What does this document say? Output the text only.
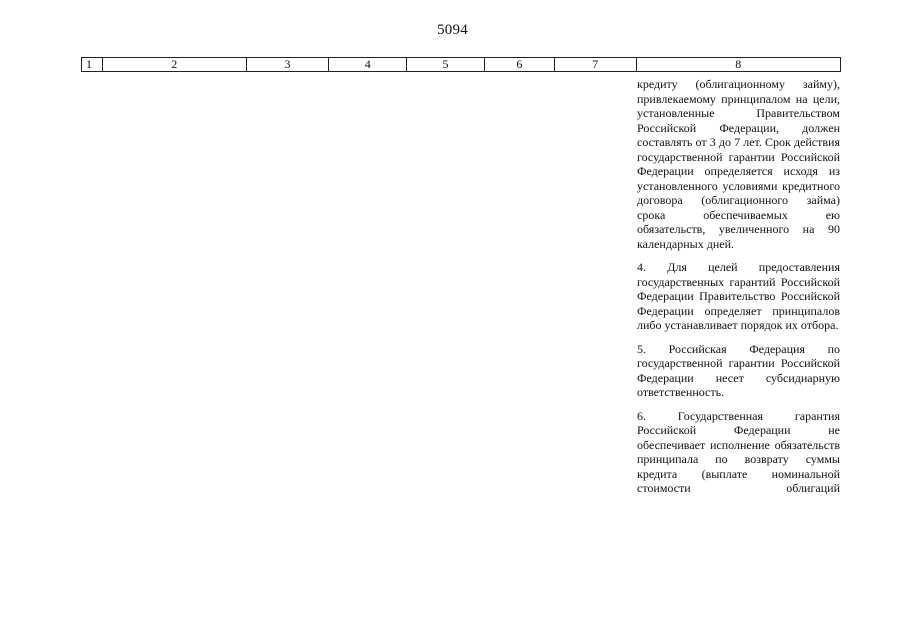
5094
1	2	3	4	5	6	7	8

кредиту (облигационному займу), привлекаемому принципалом на цели, установленные Правительством Российской Федерации, должен составлять от 3 до 7 лет. Срок действия государственной гарантии Российской Федерации определяется исходя из установленного условиями кредитного договора (облигационного займа) срока обеспечиваемых ею обязательств, увеличенного на 90 календарных дней.

4. Для целей предоставления государственных гарантий Российской Федерации Правительство Российской Федерации определяет принципалов либо устанавливает порядок их отбора.

5. Российская Федерация по государственной гарантии Российской Федерации несет субсидиарную ответственность.

6. Государственная гарантия Российской Федерации не обеспечивает исполнение обязательств принципала по возврату суммы кредита (выплате номинальной стоимости облигаций
